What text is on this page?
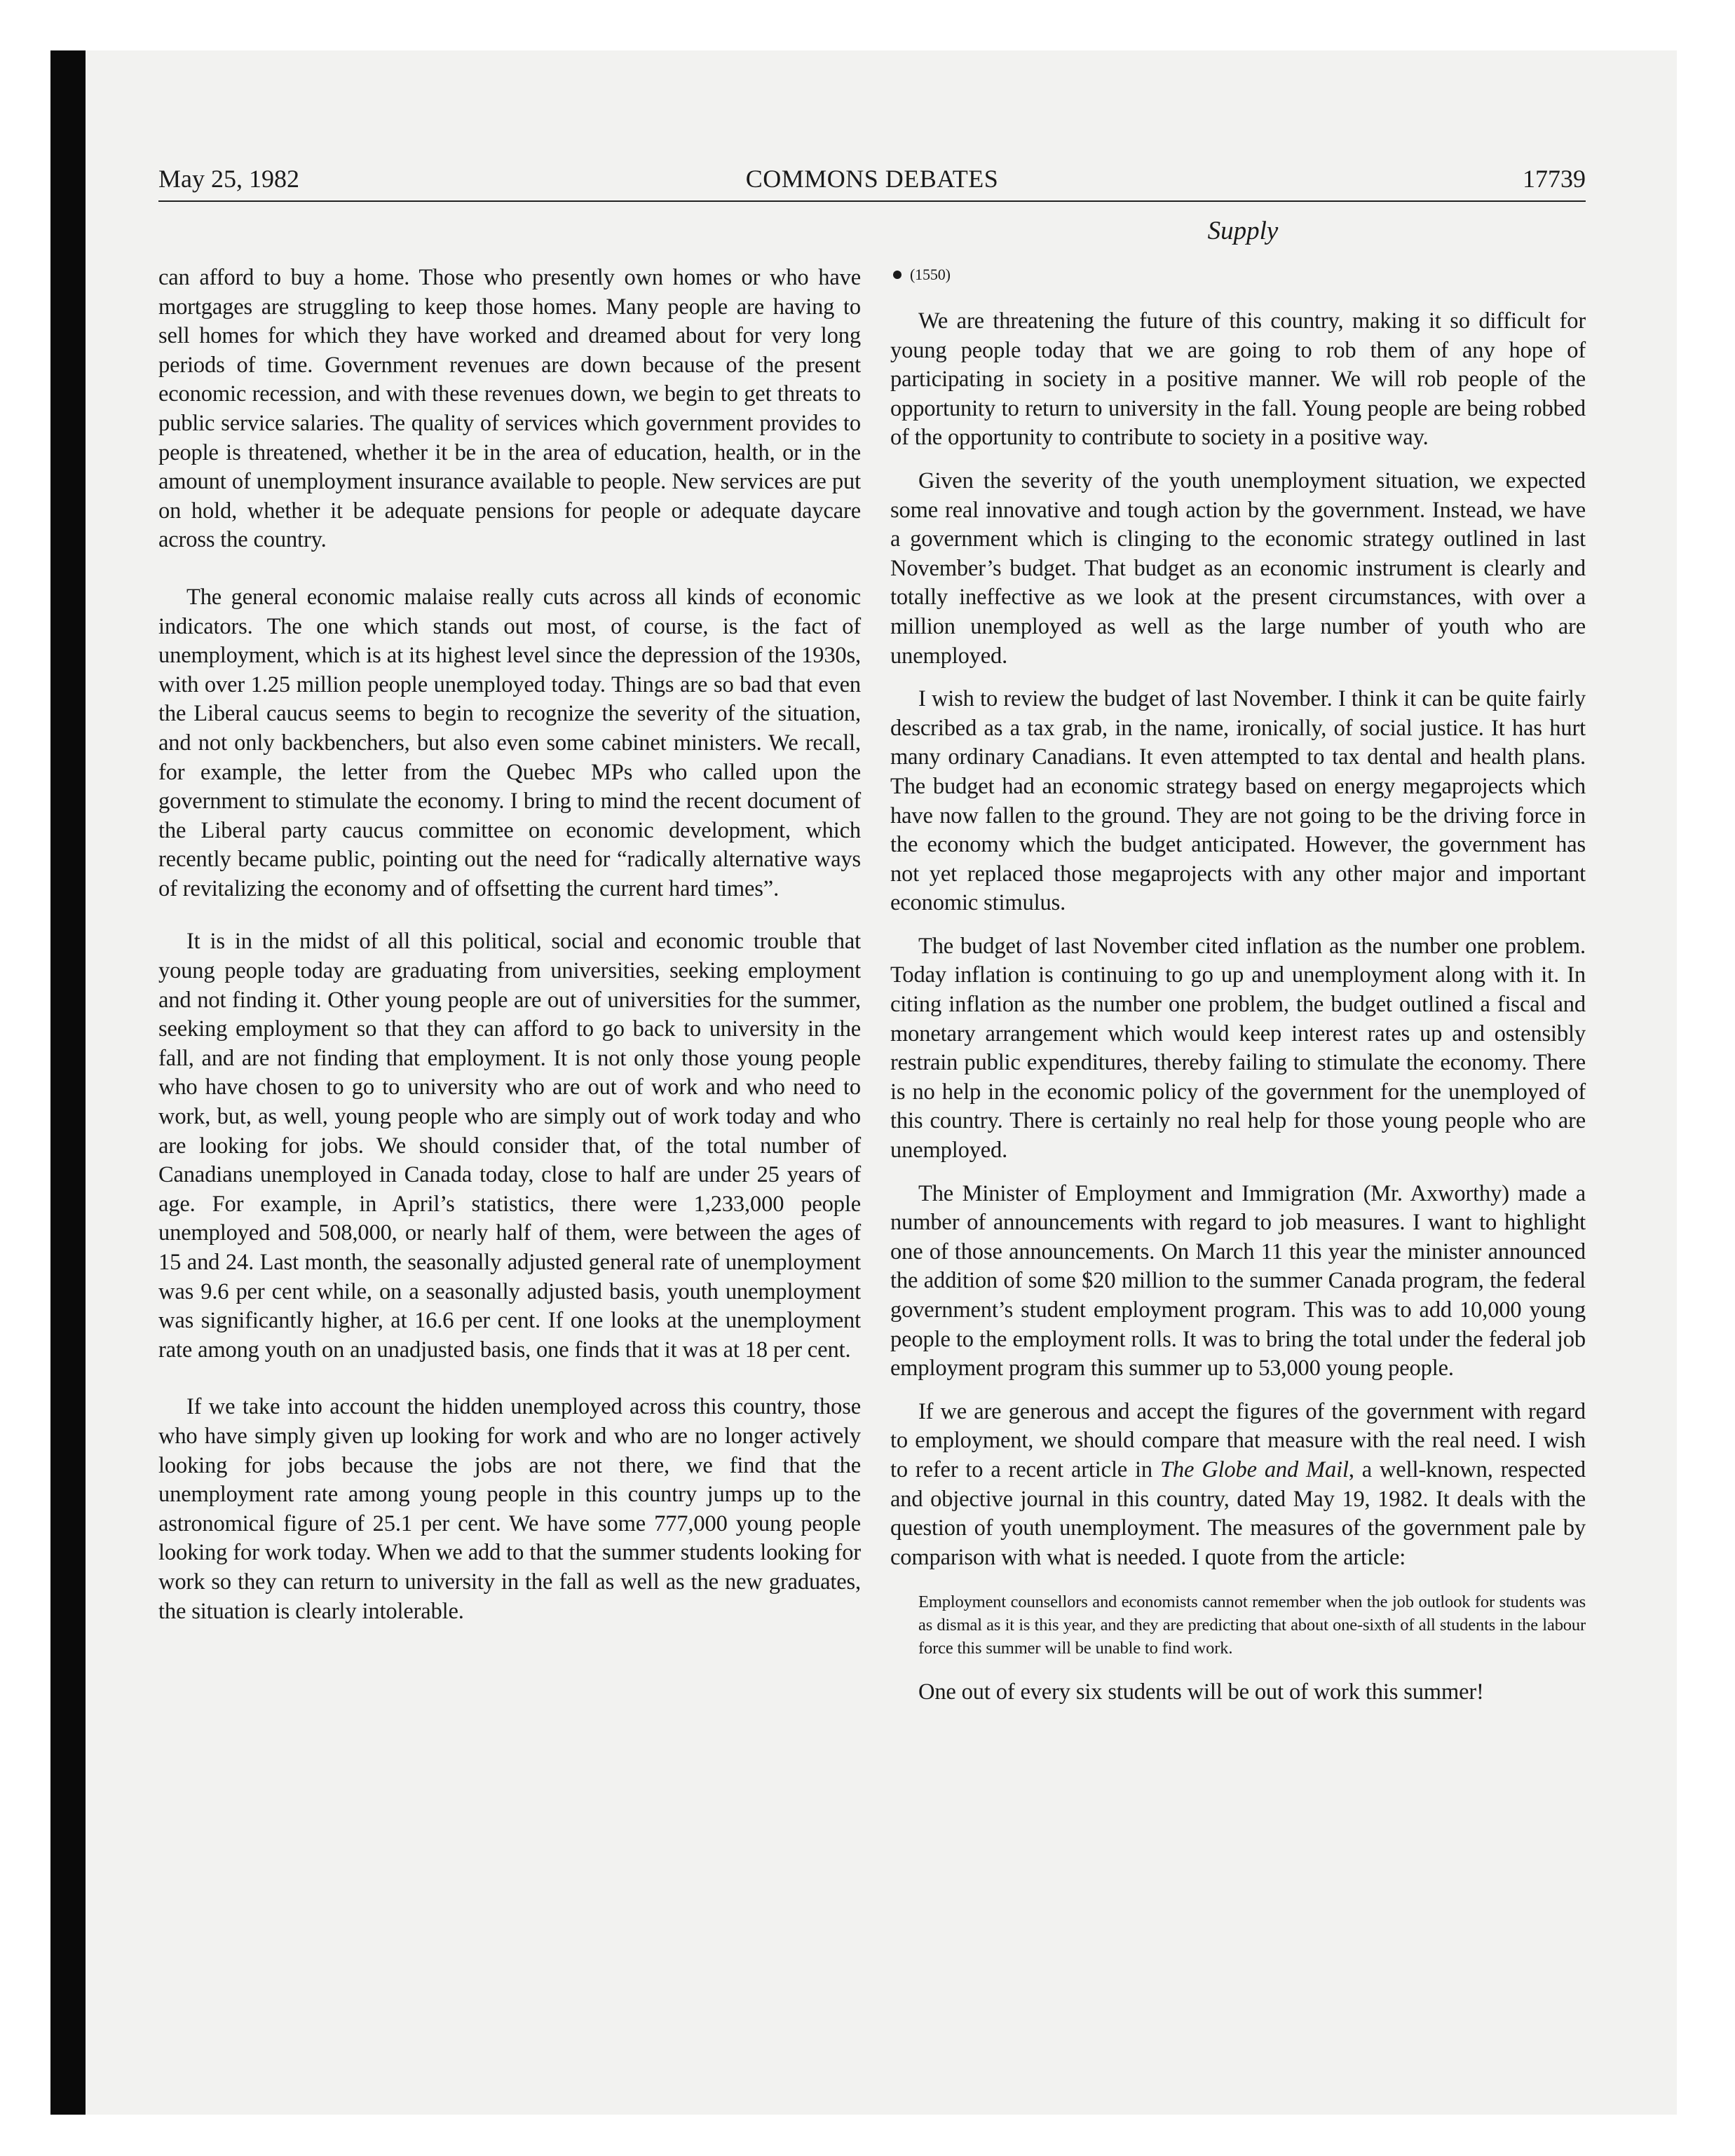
May 25, 1982	COMMONS DEBATES	17739
Supply

can afford to buy a home. Those who presently own homes or who have mortgages are struggling to keep those homes. Many people are having to sell homes for which they have worked and dreamed about for very long periods of time. Government revenues are down because of the present economic recession, and with these revenues down, we begin to get threats to public service salaries. The quality of services which government provides to people is threatened, whether it be in the area of education, health, or in the amount of unemployment insurance available to people. New services are put on hold, whether it be adequate pensions for people or adequate daycare across the country.

The general economic malaise really cuts across all kinds of economic indicators. The one which stands out most, of course, is the fact of unemployment, which is at its highest level since the depression of the 1930s, with over 1.25 million people unemployed today. Things are so bad that even the Liberal caucus seems to begin to recognize the severity of the situation, and not only backbenchers, but also even some cabinet ministers. We recall, for example, the letter from the Quebec MPs who called upon the government to stimulate the economy. I bring to mind the recent document of the Liberal party caucus committee on economic development, which recently became public, pointing out the need for “radically alternative ways of revitalizing the economy and of offsetting the current hard times”.

It is in the midst of all this political, social and economic trouble that young people today are graduating from universities, seeking employment and not finding it. Other young people are out of universities for the summer, seeking employment so that they can afford to go back to university in the fall, and are not finding that employment. It is not only those young people who have chosen to go to university who are out of work and who need to work, but, as well, young people who are simply out of work today and who are looking for jobs. We should consider that, of the total number of Canadians unemployed in Canada today, close to half are under 25 years of age. For example, in April’s statistics, there were 1,233,000 people unemployed and 508,000, or nearly half of them, were between the ages of 15 and 24. Last month, the seasonally adjusted general rate of unemployment was 9.6 per cent while, on a seasonally adjusted basis, youth unemployment was significantly higher, at 16.6 per cent. If one looks at the unemployment rate among youth on an unadjusted basis, one finds that it was at 18 per cent.

If we take into account the hidden unemployed across this country, those who have simply given up looking for work and who are no longer actively looking for jobs because the jobs are not there, we find that the unemployment rate among young people in this country jumps up to the astronomical figure of 25.1 per cent. We have some 777,000 young people looking for work today. When we add to that the summer students looking for work so they can return to university in the fall as well as the new graduates, the situation is clearly intolerable.

(1550)

We are threatening the future of this country, making it so difficult for young people today that we are going to rob them of any hope of participating in society in a positive manner. We will rob people of the opportunity to return to university in the fall. Young people are being robbed of the opportunity to contribute to society in a positive way.

Given the severity of the youth unemployment situation, we expected some real innovative and tough action by the government. Instead, we have a government which is clinging to the economic strategy outlined in last November’s budget. That budget as an economic instrument is clearly and totally ineffective as we look at the present circumstances, with over a million unemployed as well as the large number of youth who are unemployed.

I wish to review the budget of last November. I think it can be quite fairly described as a tax grab, in the name, ironically, of social justice. It has hurt many ordinary Canadians. It even attempted to tax dental and health plans. The budget had an economic strategy based on energy megaprojects which have now fallen to the ground. They are not going to be the driving force in the economy which the budget anticipated. However, the government has not yet replaced those megaprojects with any other major and important economic stimulus.

The budget of last November cited inflation as the number one problem. Today inflation is continuing to go up and unemployment along with it. In citing inflation as the number one problem, the budget outlined a fiscal and monetary arrangement which would keep interest rates up and ostensibly restrain public expenditures, thereby failing to stimulate the economy. There is no help in the economic policy of the government for the unemployed of this country. There is certainly no real help for those young people who are unemployed.

The Minister of Employment and Immigration (Mr. Axworthy) made a number of announcements with regard to job measures. I want to highlight one of those announcements. On March 11 this year the minister announced the addition of some $20 million to the summer Canada program, the federal government’s student employment program. This was to add 10,000 young people to the employment rolls. It was to bring the total under the federal job employment program this summer up to 53,000 young people.

If we are generous and accept the figures of the government with regard to employment, we should compare that measure with the real need. I wish to refer to a recent article in The Globe and Mail, a well-known, respected and objective journal in this country, dated May 19, 1982. It deals with the question of youth unemployment. The measures of the government pale by comparison with what is needed. I quote from the article:

Employment counsellors and economists cannot remember when the job outlook for students was as dismal as it is this year, and they are predicting that about one-sixth of all students in the labour force this summer will be unable to find work.

One out of every six students will be out of work this summer!
